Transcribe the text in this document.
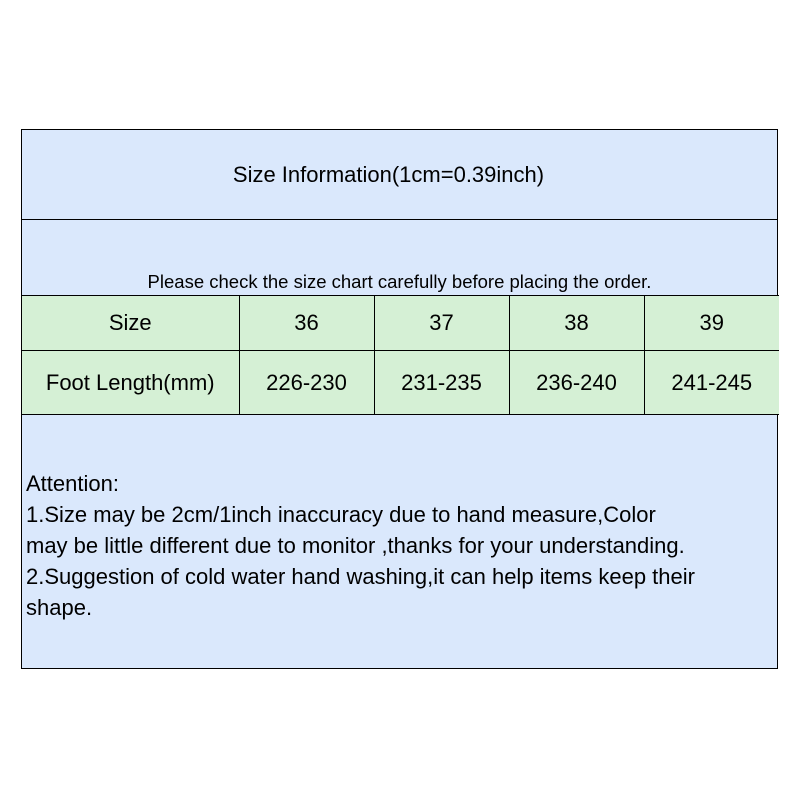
Size Information(1cm=0.39inch)
Please check the size chart carefully before placing the order.
Size	36	37	38	39
Foot Length(mm)	226-230	231-235	236-240	241-245
Attention:
1.Size may be 2cm/1inch inaccuracy due to hand measure,Color
may be little different due to monitor ,thanks for your understanding.
2.Suggestion of cold water hand washing,it can help items keep their
shape.
